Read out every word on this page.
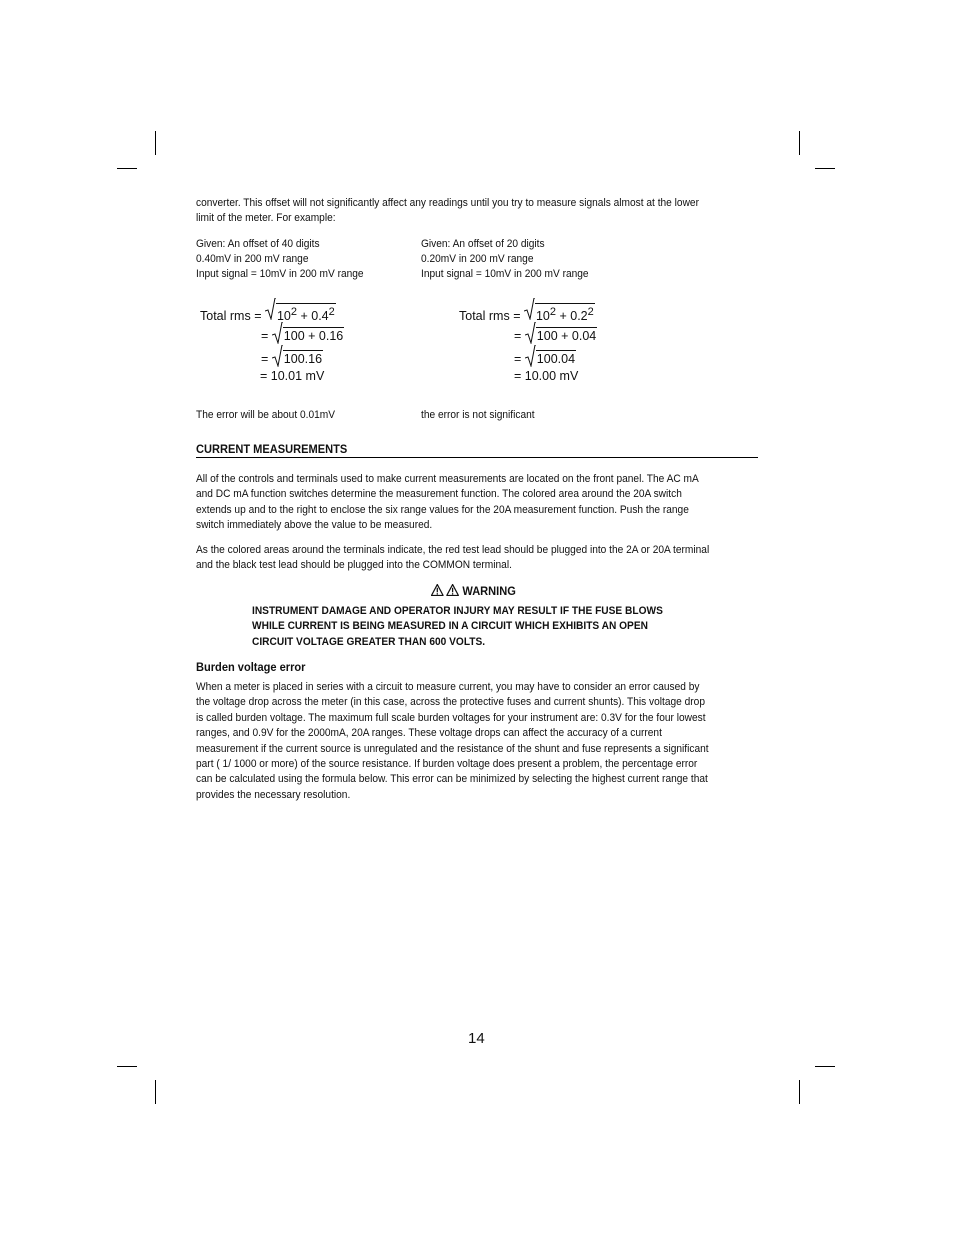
converter. This offset will not significantly affect any readings until you try to measure signals almost at the lower
limit of the meter. For example:
Given: An offset of 40 digits
0.40mV in 200 mV range
Input signal = 10mV in 200 mV range
Given: An offset of 20 digits
0.20mV in 200 mV range
Input signal = 10mV in 200 mV range
Total rms = 102 + 0.42
= 100 + 0.16
= 100.16
= 10.01 mV
Total rms = 102 + 0.22
= 100 + 0.04
= 100.04
= 10.00 mV
The error will be about 0.01mV	the error is not significant
CURRENT MEASUREMENTS
All of the controls and terminals used to make current measurements are located on the front panel. The AC mA
and DC mA function switches determine the measurement function. The colored area around the 20A switch
extends up and to the right to enclose the six range values for the 20A measurement function. Push the range
switch immediately above the value to be measured.
As the colored areas around the terminals indicate, the red test lead should be plugged into the 2A or 20A terminal
and the black test lead should be plugged into the COMMON terminal.
WARNING
INSTRUMENT DAMAGE AND OPERATOR INJURY MAY RESULT IF THE FUSE BLOWS
WHILE CURRENT IS BEING MEASURED IN A CIRCUIT WHICH EXHIBITS AN OPEN
CIRCUIT VOLTAGE GREATER THAN 600 VOLTS.
Burden voltage error
When a meter is placed in series with a circuit to measure current, you may have to consider an error caused by
the voltage drop across the meter (in this case, across the protective fuses and current shunts). This voltage drop
is called burden voltage. The maximum full scale burden voltages for your instrument are: 0.3V for the four lowest
ranges, and 0.9V for the 2000mA, 20A ranges. These voltage drops can affect the accuracy of a current
measurement if the current source is unregulated and the resistance of the shunt and fuse represents a significant
part ( 1/ 1000 or more) of the source resistance. If burden voltage does present a problem, the percentage error
can be calculated using the formula below. This error can be minimized by selecting the highest current range that
provides the necessary resolution.
14
